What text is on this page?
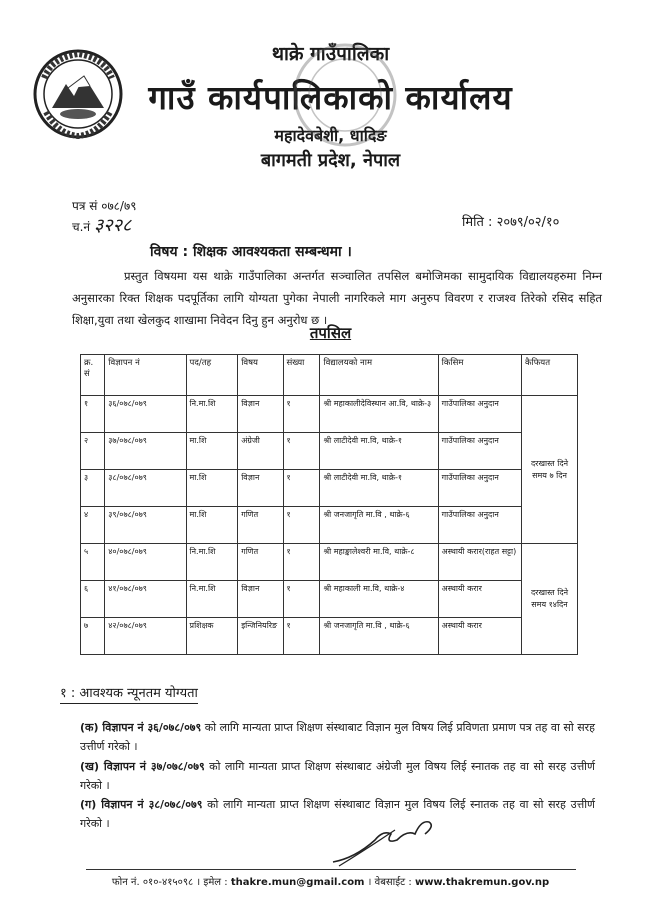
थाक्रे गाउँपालिका
गाउँ कार्यपालिकाको कार्यालय
महादेवबेशी, धादिङ
बागमती प्रदेश, नेपाल
पत्र सं ०७८/७९
च.नं ३२२८	मिति : २०७९/०२/१०
विषय : शिक्षक आवश्यकता सम्बन्धमा ।
प्रस्तुत विषयमा यस थाक्रे गाउँपालिका अन्तर्गत सञ्चालित तपसिल बमोजिमका सामुदायिक विद्यालयहरुमा निम्न अनुसारका रिक्त शिक्षक पदपूर्तिका लागि योग्यता पुगेका नेपाली नागरिकले माग अनुरुप विवरण र राजश्व तिरेको रसिद सहित शिक्षा,युवा तथा खेलकुद शाखामा निवेदन दिनु हुन अनुरोध छ ।
तपसिल
क्र. सं	विज्ञापन नं	पद/तह	विषय	संख्या	विद्यालयको नाम	किसिम	कैफियत
१	३६/०७८/०७९	नि.मा.शि	विज्ञान	१	श्री महाकालीदेविस्थान आ.वि, थाक्रे-३	गाउँपालिका अनुदान	दरखास्त दिने समय ७ दिन
२	३७/०७८/०७९	मा.शि	अंग्रेजी	१	श्री लाटीदेवी मा.वि, थाक्रे-१	गाउँपालिका अनुदान	
३	३८/०७८/०७९	मा.शि	विज्ञान	१	श्री लाटीदेवी मा.वि, थाक्रे-१	गाउँपालिका अनुदान	
४	३९/०७८/०७९	मा.शि	गणित	१	श्री जनजागृति मा.वि , थाक्रे-६	गाउँपालिका अनुदान	
५	४०/०७८/०७९	नि.मा.शि	गणित	१	श्री महाङ्कालेश्वरी मा.वि, थाक्रे-८	अस्थायी करार(राहत सट्टा)	दरखास्त दिने समय १४दिन
६	४१/०७८/०७९	नि.मा.शि	विज्ञान	१	श्री महाकाली मा.वि, थाक्रे-४	अस्थायी करार	
७	४२/०७८/०७९	प्रशिक्षक	इन्जिनियरिङ	१	श्री जनजागृति मा.वि , थाक्रे-६	अस्थायी करार	
१ : आवश्यक न्यूनतम योग्यता
(क) विज्ञापन नं ३६/०७८/०७९ को लागि मान्यता प्राप्त शिक्षण संस्थाबाट विज्ञान मुल विषय लिई प्रविणता प्रमाण पत्र तह वा सो सरह उत्तीर्ण गरेको ।
(ख) विज्ञापन नं ३७/०७८/०७९ को लागि मान्यता प्राप्त शिक्षण संस्थाबाट अंग्रेजी मुल विषय लिई स्नातक तह वा सो सरह उत्तीर्ण गरेको ।
(ग) विज्ञापन नं ३८/०७८/०७९ को लागि मान्यता प्राप्त शिक्षण संस्थाबाट विज्ञान मुल विषय लिई स्नातक तह वा सो सरह उत्तीर्ण गरेको ।
फोन नं. ०१०-४१५०९८ । इमेल : thakre.mun@gmail.com । वेबसाईट : www.thakremun.gov.np
